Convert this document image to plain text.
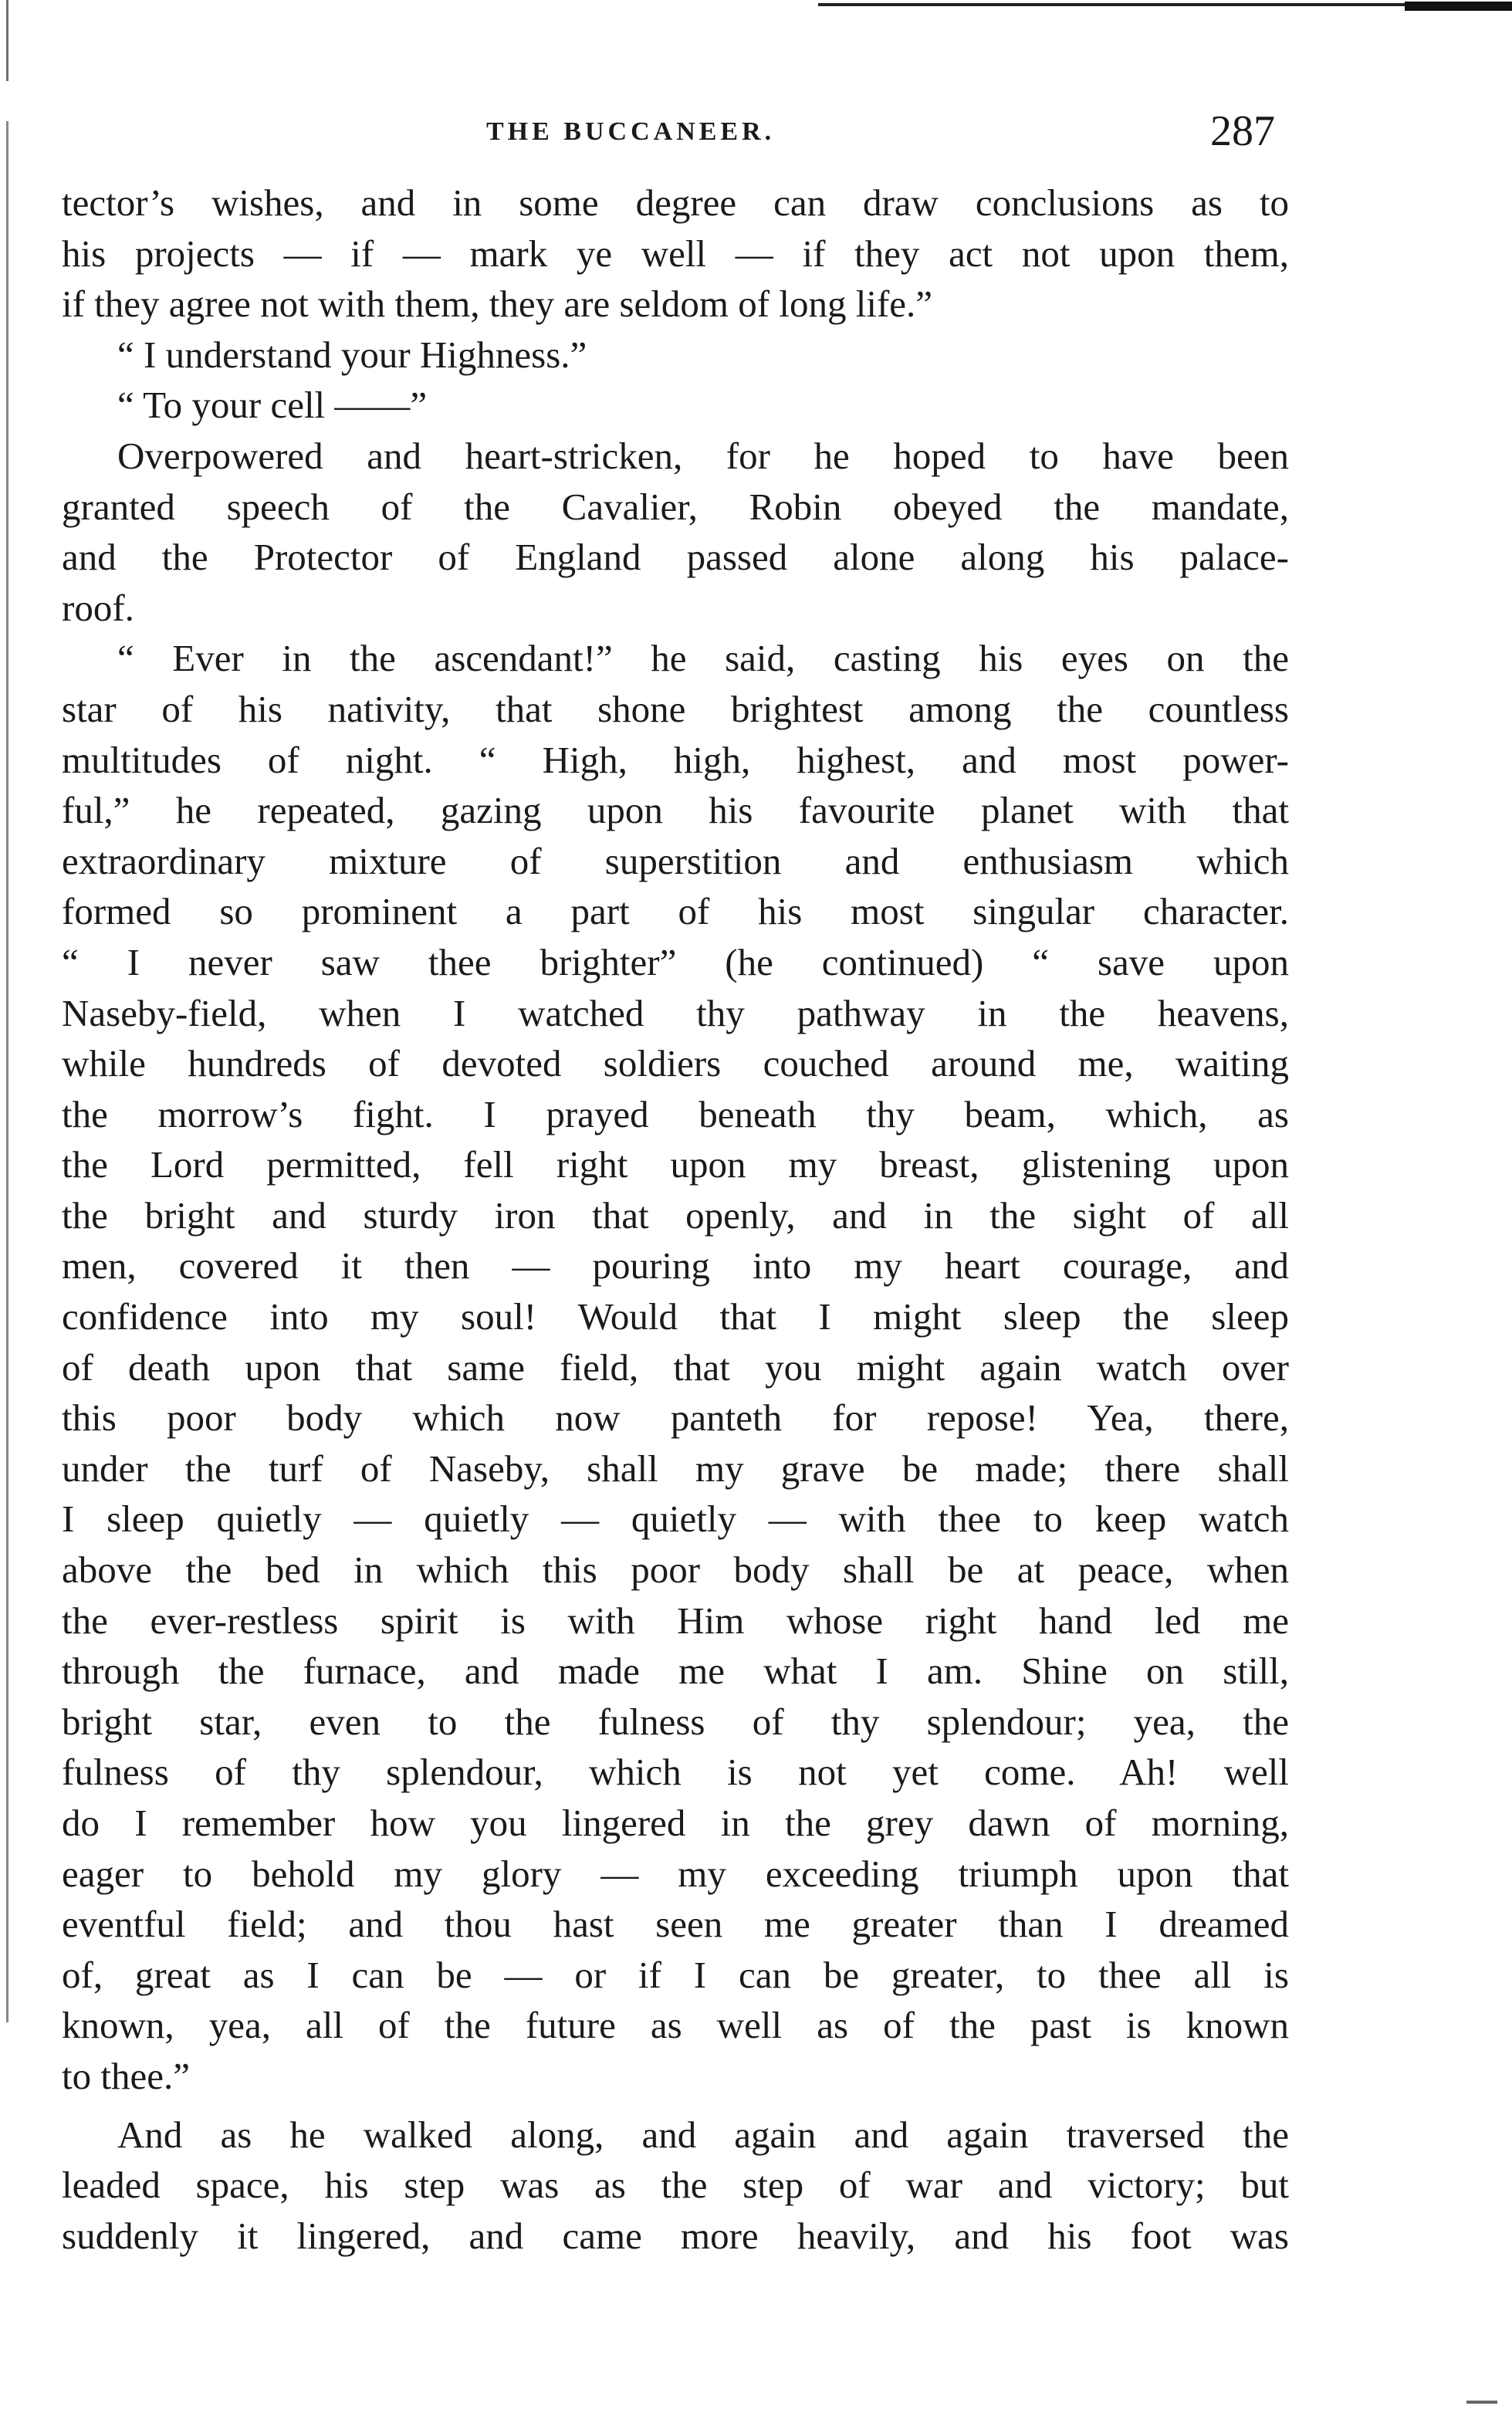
THE BUCCANEER.	287
tector’s wishes, and in some degree can draw conclusions as to
his projects — if — mark ye well — if they act not upon them,
if they agree not with them, they are seldom of long life.”
“ I understand your Highness.”
“ To your cell ——”
Overpowered and heart-stricken, for he hoped to have been
granted speech of the Cavalier, Robin obeyed the mandate,
and the Protector of England passed alone along his palace-
roof.
“ Ever in the ascendant!” he said, casting his eyes on the
star of his nativity, that shone brightest among the countless
multitudes of night. “ High, high, highest, and most power-
ful,” he repeated, gazing upon his favourite planet with that
extraordinary mixture of superstition and enthusiasm which
formed so prominent a part of his most singular character.
“ I never saw thee brighter” (he continued) “ save upon
Naseby-field, when I watched thy pathway in the heavens,
while hundreds of devoted soldiers couched around me, waiting
the morrow’s fight. I prayed beneath thy beam, which, as
the Lord permitted, fell right upon my breast, glistening upon
the bright and sturdy iron that openly, and in the sight of all
men, covered it then — pouring into my heart courage, and
confidence into my soul! Would that I might sleep the sleep
of death upon that same field, that you might again watch over
this poor body which now panteth for repose! Yea, there,
under the turf of Naseby, shall my grave be made; there shall
I sleep quietly — quietly — quietly — with thee to keep watch
above the bed in which this poor body shall be at peace, when
the ever-restless spirit is with Him whose right hand led me
through the furnace, and made me what I am. Shine on still,
bright star, even to the fulness of thy splendour; yea, the
fulness of thy splendour, which is not yet come. Ah! well
do I remember how you lingered in the grey dawn of morning,
eager to behold my glory — my exceeding triumph upon that
eventful field; and thou hast seen me greater than I dreamed
of, great as I can be — or if I can be greater, to thee all is
known, yea, all of the future as well as of the past is known
to thee.”
And as he walked along, and again and again traversed the
leaded space, his step was as the step of war and victory; but
suddenly it lingered, and came more heavily, and his foot was
